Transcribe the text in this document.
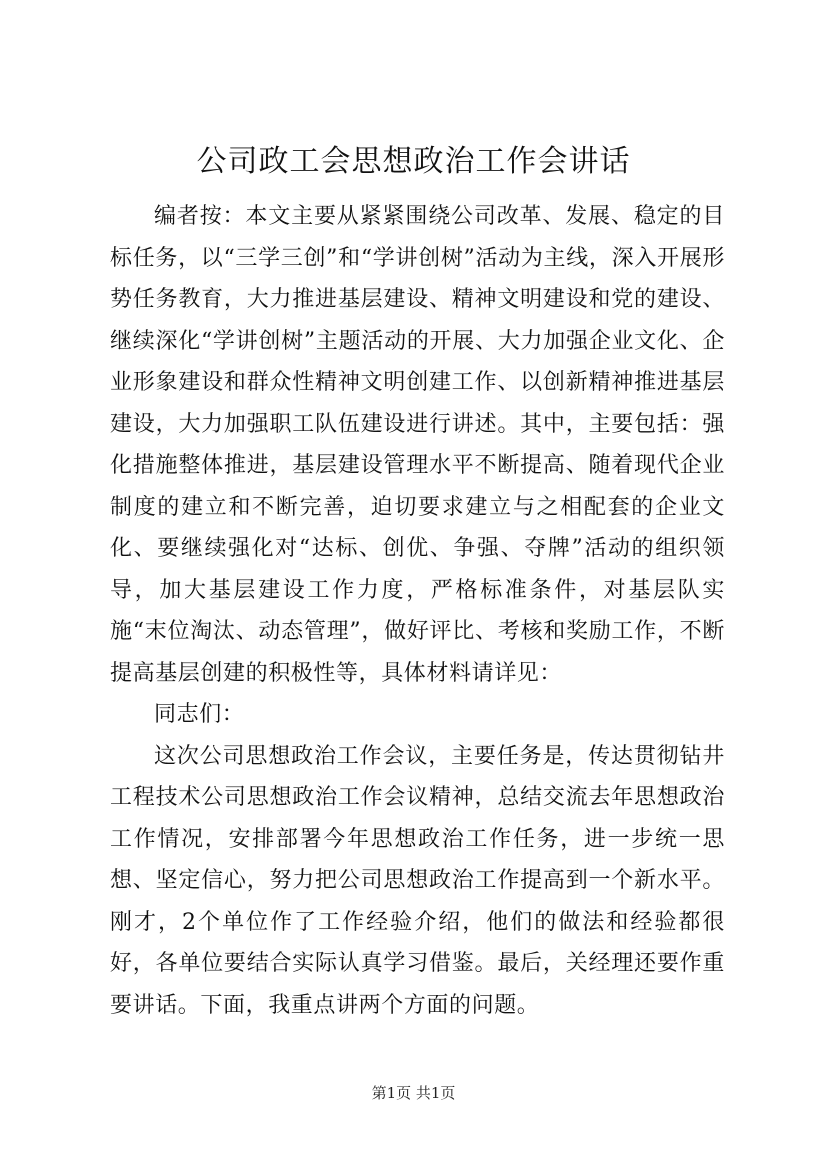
公司政工会思想政治工作会讲话

编者按：本文主要从紧紧围绕公司改革、发展、稳定的目标任务，以“三学三创”和“学讲创树”活动为主线，深入开展形势任务教育，大力推进基层建设、精神文明建设和党的建设、继续深化“学讲创树”主题活动的开展、大力加强企业文化、企业形象建设和群众性精神文明创建工作、以创新精神推进基层建设，大力加强职工队伍建设进行讲述。其中，主要包括：强化措施整体推进，基层建设管理水平不断提高、随着现代企业制度的建立和不断完善，迫切要求建立与之相配套的企业文化、要继续强化对“达标、创优、争强、夺牌”活动的组织领导，加大基层建设工作力度，严格标准条件，对基层队实施“末位淘汰、动态管理”，做好评比、考核和奖励工作，不断提高基层创建的积极性等，具体材料请详见：

同志们：

这次公司思想政治工作会议，主要任务是，传达贯彻钻井工程技术公司思想政治工作会议精神，总结交流去年思想政治工作情况，安排部署今年思想政治工作任务，进一步统一思想、坚定信心，努力把公司思想政治工作提高到一个新水平。刚才，2个单位作了工作经验介绍，他们的做法和经验都很好，各单位要结合实际认真学习借鉴。最后，关经理还要作重要讲话。下面，我重点讲两个方面的问题。

第1页 共1页
